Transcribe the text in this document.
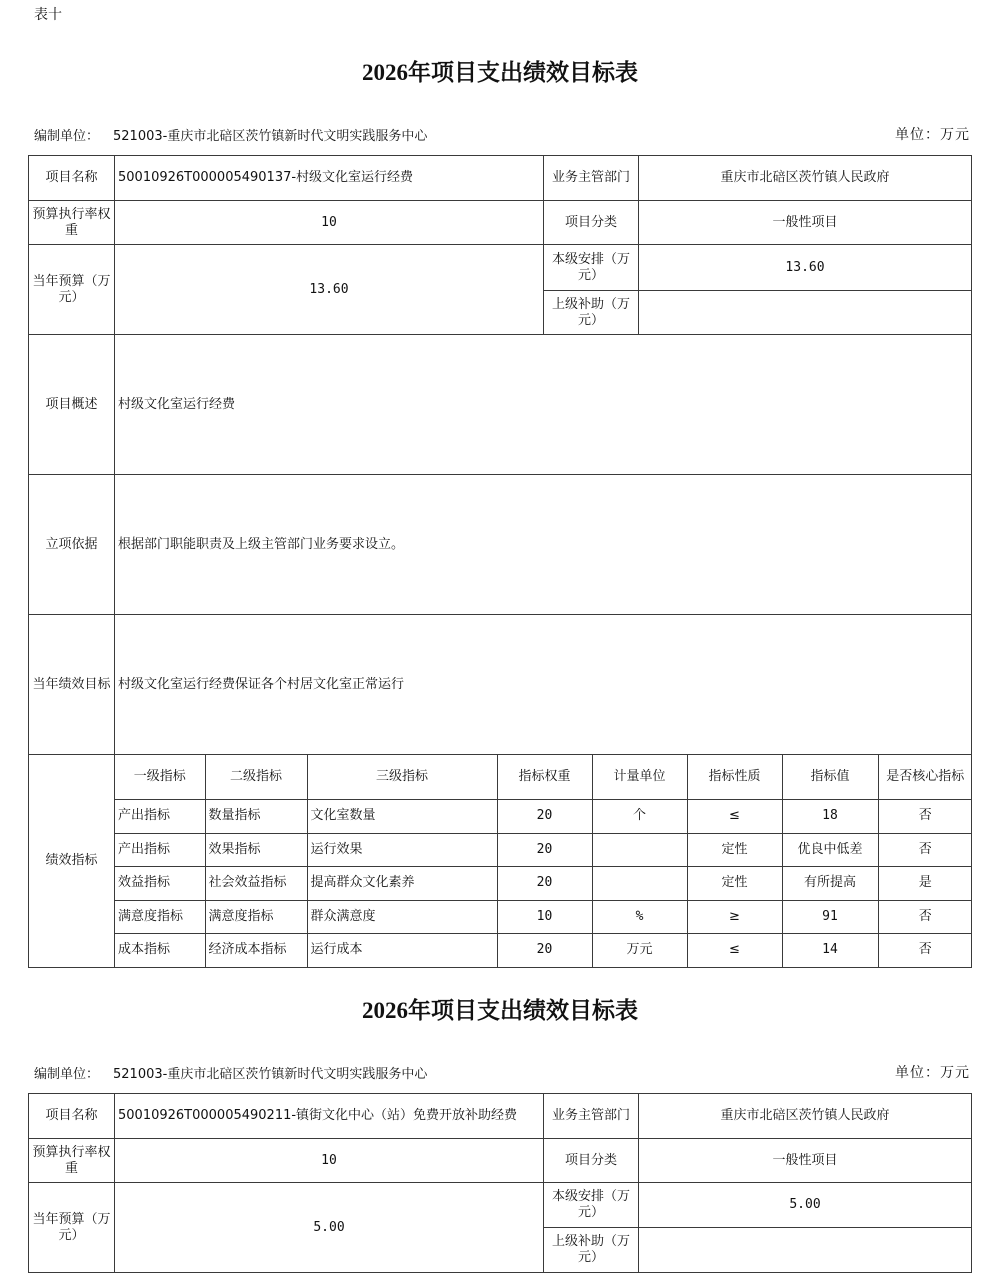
表十
2026年项目支出绩效目标表
编制单位： 521003-重庆市北碚区茨竹镇新时代文明实践服务中心	单位：万元
项目名称	50010926T000005490137-村级文化室运行经费	业务主管部门	重庆市北碚区茨竹镇人民政府
预算执行率权重	10	项目分类	一般性项目
当年预算（万元）	13.60	本级安排（万元）	13.60
上级补助（万元）	
项目概述	村级文化室运行经费
立项依据	根据部门职能职责及上级主管部门业务要求设立。
当年绩效目标	村级文化室运行经费保证各个村居文化室正常运行
绩效指标	
一级指标	二级指标	三级指标	指标权重	计量单位	指标性质	指标值	是否核心指标
产出指标	数量指标	文化室数量	20	个	≤	18	否
产出指标	效果指标	运行效果	20		定性	优良中低差	否
效益指标	社会效益指标	提高群众文化素养	20		定性	有所提高	是
满意度指标	满意度指标	群众满意度	10	%	≥	91	否
成本指标	经济成本指标	运行成本	20	万元	≤	14	否
2026年项目支出绩效目标表
编制单位： 521003-重庆市北碚区茨竹镇新时代文明实践服务中心	单位：万元
项目名称	50010926T000005490211-镇街文化中心（站）免费开放补助经费	业务主管部门	重庆市北碚区茨竹镇人民政府
预算执行率权重	10	项目分类	一般性项目
当年预算（万元）	5.00	本级安排（万元）	5.00
		上级补助（万元）	
